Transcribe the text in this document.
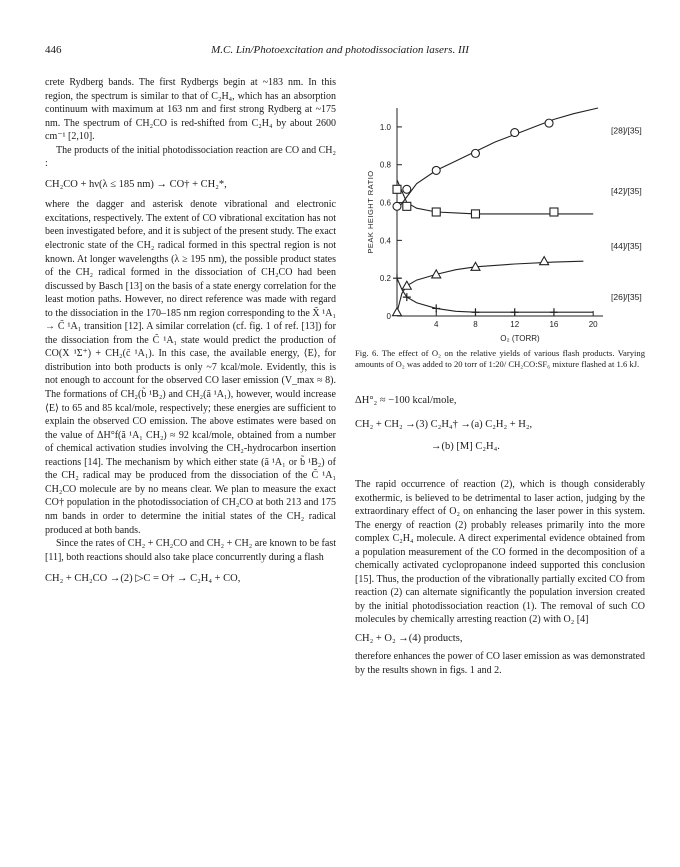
446	M.C. Lin/Photoexcitation and photodissociation lasers. III

crete Rydberg bands. The first Rydbergs begin at ~183 nm. In this region, the spectrum is similar to that of C₂H₄, which has an absorption continuum with maximum at 163 nm and first strong Rydberg at ~175 nm. The spectrum of CH₂CO is red-shifted from C₂H₄ by about 2600 cm⁻¹ [2,10].

The products of the initial photodissociation reaction are CO and CH₂ :

CH₂CO + hν(λ ≤ 185 nm) → CO† + CH₂*,

where the dagger and asterisk denote vibrational and electronic excitations, respectively. The extent of CO vibrational excitation has not been investigated before, and it is subject of the present study. The exact electronic state of the CH₂ radical formed in this spectral region is not known. At longer wavelengths (λ ≥ 195 nm), the possible product states of the CH₂ radical formed in the dissociation of CH₂CO had been discussed by Basch [13] on the basis of a state energy correlation for the least motion paths. However, no direct reference was made with regard to the dissociation in the 170–185 nm region corresponding to the X̃ ¹A₁ → C̃ ¹A₁ transition [12]. A similar correlation (cf. fig. 1 of ref. [13]) for the dissociation from the C̃ ¹A₁ state would predict the production of CO(X ¹Σ⁺) + CH₂(c̃ ¹A₁). In this case, the available energy, ⟨E⟩, for distribution into both products is only ~7 kcal/mole. Evidently, this is not enough to account for the observed CO laser emission (V_max ≈ 8). The formations of CH₂(b̃ ¹B₂) and CH₂(ã ¹A₁), however, would increase ⟨E⟩ to 65 and 85 kcal/mole, respectively; these energies are sufficient to explain the observed CO emission. The above estimates were based on the value of ΔH°f(ã ¹A₁ CH₂) ≈ 92 kcal/mole, obtained from a number of chemical activation studies involving the CH₂-hydrocarbon insertion reactions [14]. The mechanism by which either state (ã ¹A₁ or b̃ ¹B₂) of the CH₂ radical may be produced from the dissociation of the C̃ ¹A₁ CH₂CO molecule are by no means clear. We plan to measure the exact CO† population in the photodissociation of CH₂CO at both 213 and 175 nm bands in order to determine the initial states of the CH₂ radical produced at both bands.

Since the rates of CH₂ + CH₂CO and CH₂ + CH₂ are known to be fast [11], both reactions should also take place concurrently during a flash

CH₂ + CH₂CO →(2) ▷C = O† → C₂H₄ + CO,
0.2
0.4
0.6
0.8
1.0
0
4	8	12	16	20
PEAK HEIGHT RATIO
O₂ (TORR)
[28]/[35]
[42]/[35]
[44]/[35]
[26]/[35]
Fig. 6. The effect of O₂ on the relative yields of various flash products. Varying amounts of O₂ was added to 20 torr of 1:20/ CH₂CO:SF₆ mixture flashed at 1.6 kJ.
ΔH°₂ ≈ −100 kcal/mole,
CH₂ + CH₂ →(3) C₂H₄† →(a) C₂H₂ + H₂,
→(b) [M] C₂H₄.

The rapid occurrence of reaction (2), which is though considerably exothermic, is believed to be detrimental to laser action, judging by the extraordinary effect of O₂ on enhancing the laser power in this system. The energy of reaction (2) probably releases primarily into the more complex C₂H₄ molecule. A direct experimental evidence obtained from a population measurement of the CO formed in the decomposition of a chemically activated cyclopropanone indeed supported this conclusion [15]. Thus, the production of the vibrationally partially excited CO from reaction (2) can alternate significantly the population inversion created by the initial photodissociation reaction (1). The removal of such CO molecules by chemically arresting reaction (2) with O₂ [4]

CH₂ + O₂ →(4) products,

therefore enhances the power of CO laser emission as was demonstrated by the results shown in figs. 1 and 2.
